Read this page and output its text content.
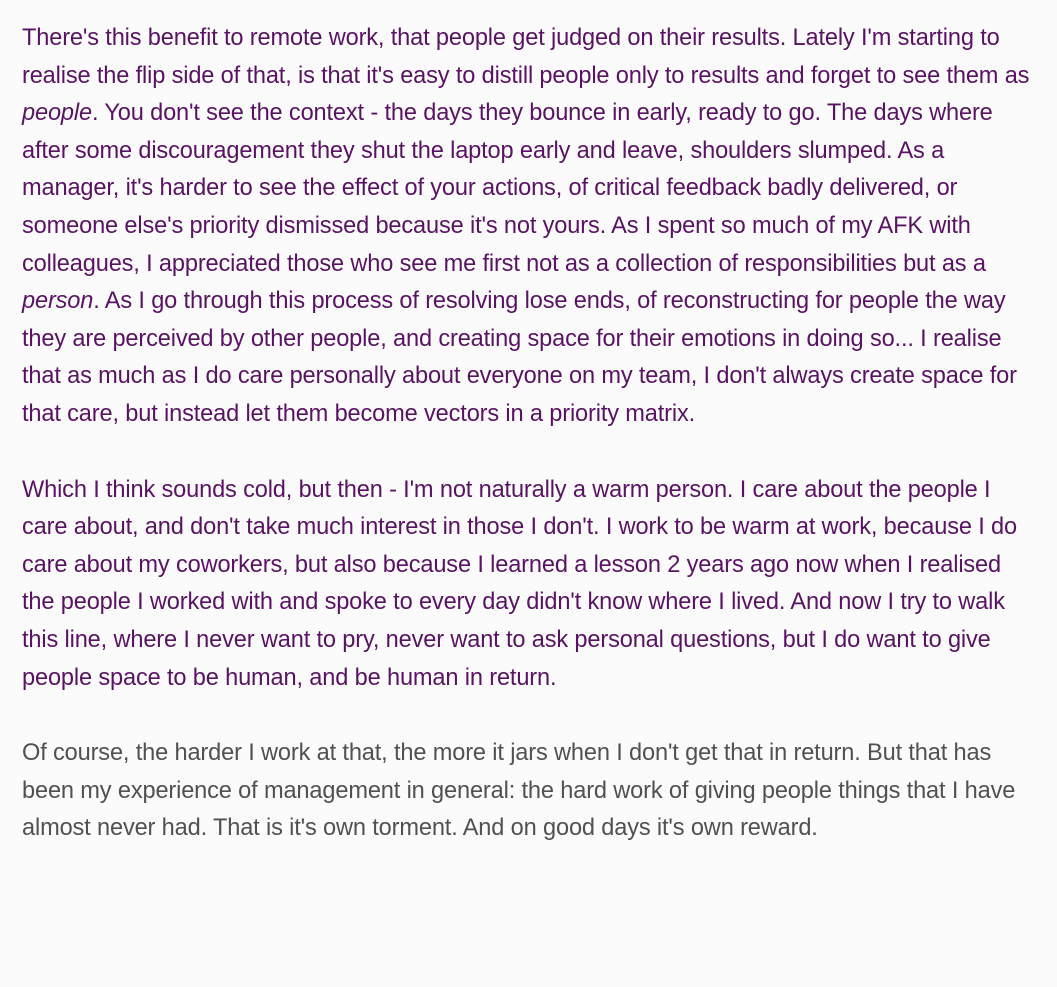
There's this benefit to remote work, that people get judged on their results. Lately I'm starting to realise the flip side of that, is that it's easy to distill people only to results and forget to see them as people. You don't see the context - the days they bounce in early, ready to go. The days where after some discouragement they shut the laptop early and leave, shoulders slumped. As a manager, it's harder to see the effect of your actions, of critical feedback badly delivered, or someone else's priority dismissed because it's not yours. As I spent so much of my AFK with colleagues, I appreciated those who see me first not as a collection of responsibilities but as a person. As I go through this process of resolving lose ends, of reconstructing for people the way they are perceived by other people, and creating space for their emotions in doing so... I realise that as much as I do care personally about everyone on my team, I don't always create space for that care, but instead let them become vectors in a priority matrix.

Which I think sounds cold, but then - I'm not naturally a warm person. I care about the people I care about, and don't take much interest in those I don't. I work to be warm at work, because I do care about my coworkers, but also because I learned a lesson 2 years ago now when I realised the people I worked with and spoke to every day didn't know where I lived. And now I try to walk this line, where I never want to pry, never want to ask personal questions, but I do want to give people space to be human, and be human in return.

Of course, the harder I work at that, the more it jars when I don't get that in return. But that has been my experience of management in general: the hard work of giving people things that I have almost never had. That is it's own torment. And on good days it's own reward.
